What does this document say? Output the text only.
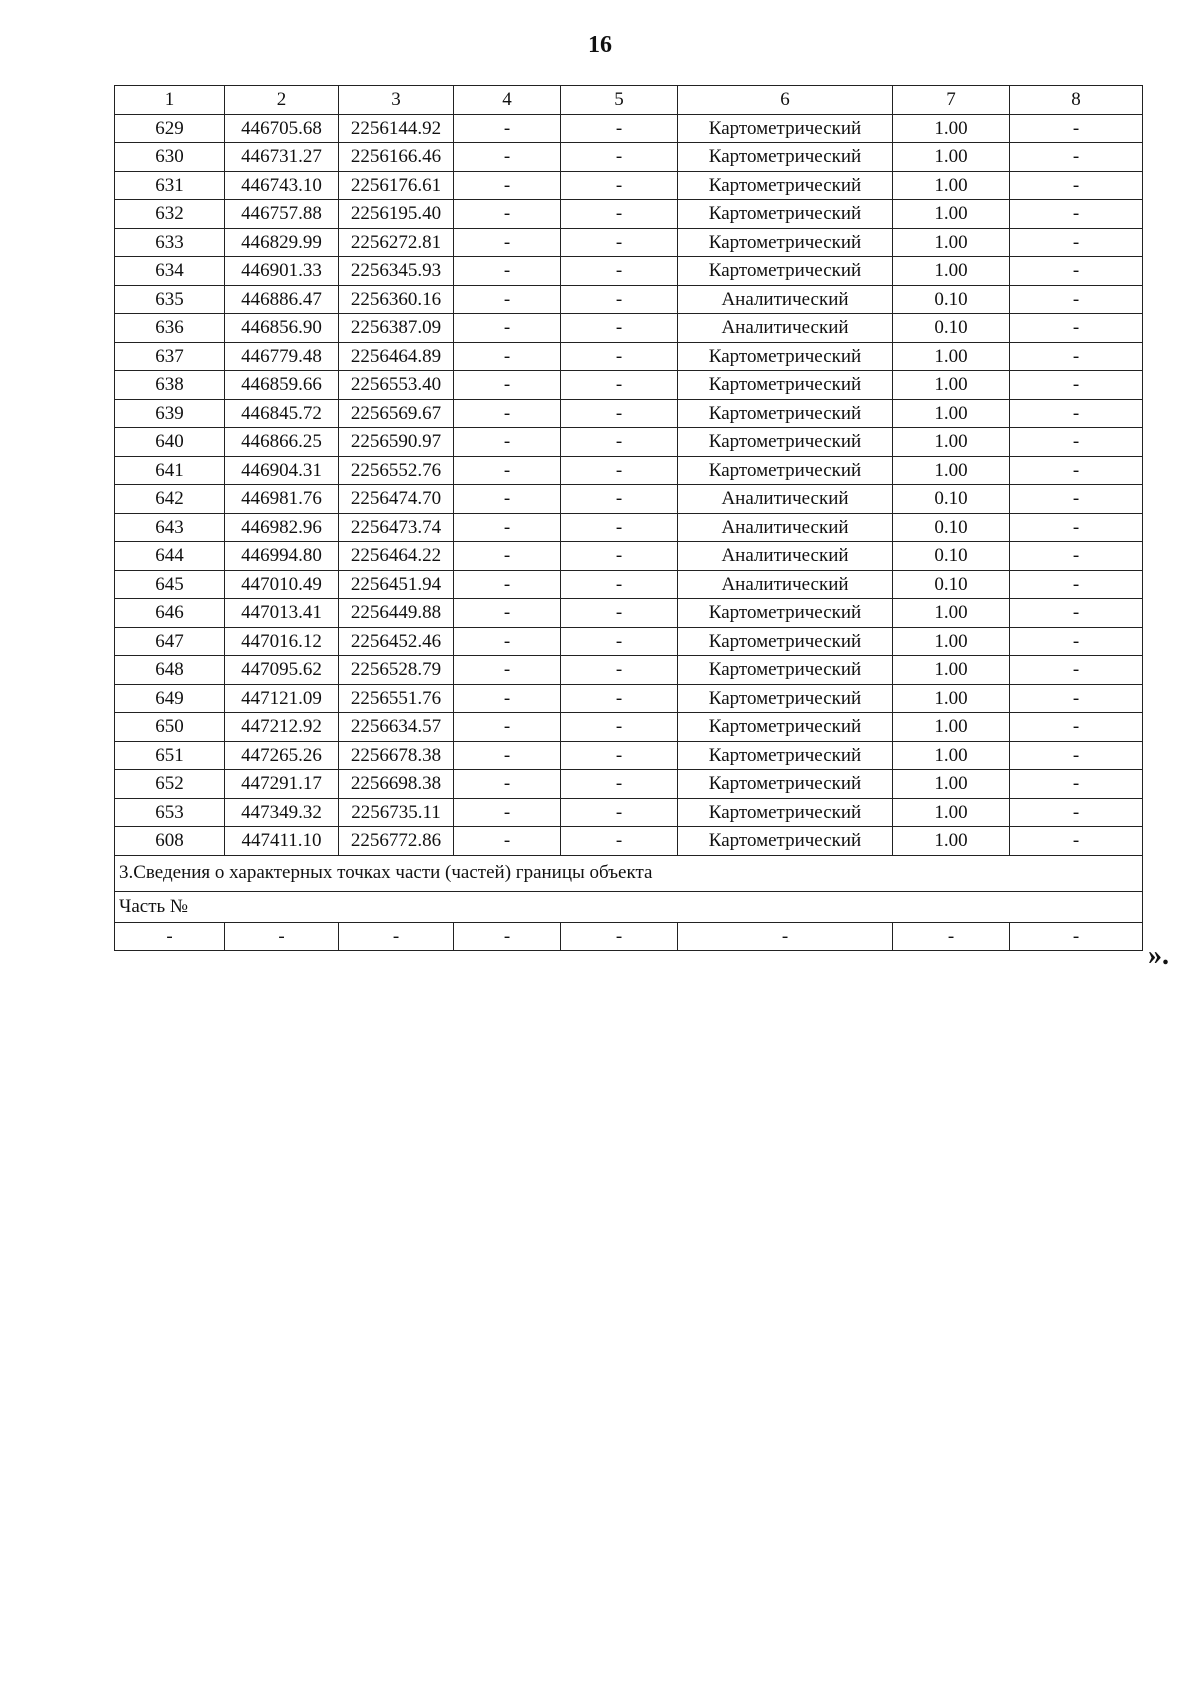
16
1	2	3	4	5	6	7	8
629	446705.68	2256144.92	-	-	Картометрический	1.00	-
630	446731.27	2256166.46	-	-	Картометрический	1.00	-
631	446743.10	2256176.61	-	-	Картометрический	1.00	-
632	446757.88	2256195.40	-	-	Картометрический	1.00	-
633	446829.99	2256272.81	-	-	Картометрический	1.00	-
634	446901.33	2256345.93	-	-	Картометрический	1.00	-
635	446886.47	2256360.16	-	-	Аналитический	0.10	-
636	446856.90	2256387.09	-	-	Аналитический	0.10	-
637	446779.48	2256464.89	-	-	Картометрический	1.00	-
638	446859.66	2256553.40	-	-	Картометрический	1.00	-
639	446845.72	2256569.67	-	-	Картометрический	1.00	-
640	446866.25	2256590.97	-	-	Картометрический	1.00	-
641	446904.31	2256552.76	-	-	Картометрический	1.00	-
642	446981.76	2256474.70	-	-	Аналитический	0.10	-
643	446982.96	2256473.74	-	-	Аналитический	0.10	-
644	446994.80	2256464.22	-	-	Аналитический	0.10	-
645	447010.49	2256451.94	-	-	Аналитический	0.10	-
646	447013.41	2256449.88	-	-	Картометрический	1.00	-
647	447016.12	2256452.46	-	-	Картометрический	1.00	-
648	447095.62	2256528.79	-	-	Картометрический	1.00	-
649	447121.09	2256551.76	-	-	Картометрический	1.00	-
650	447212.92	2256634.57	-	-	Картометрический	1.00	-
651	447265.26	2256678.38	-	-	Картометрический	1.00	-
652	447291.17	2256698.38	-	-	Картометрический	1.00	-
653	447349.32	2256735.11	-	-	Картометрический	1.00	-
608	447411.10	2256772.86	-	-	Картометрический	1.00	-
3.Сведения о характерных точках части (частей) границы объекта							
Часть №							
-	-	-	-	-	-	-	-
».
